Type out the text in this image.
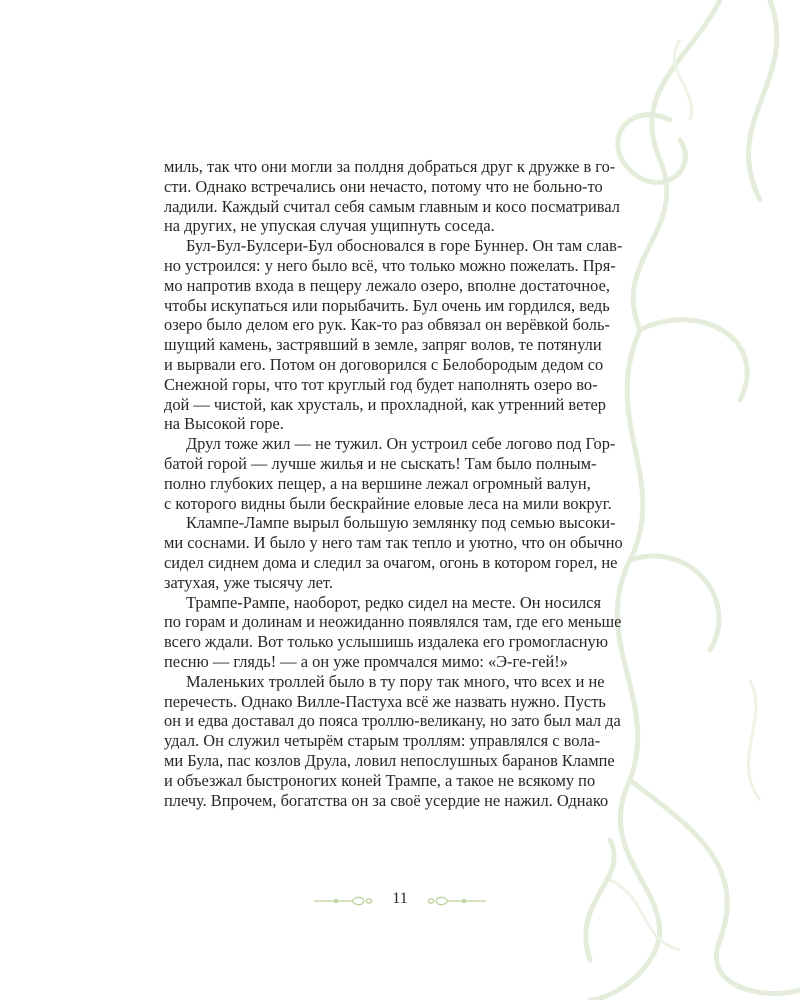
миль, так что они могли за полдня добраться друг к дружке в го-
сти. Однако встречались они нечасто, потому что не больно-то
ладили. Каждый считал себя самым главным и косо посматривал
на других, не упуская случая ущипнуть соседа.

Бул-Бул-Булсери-Бул обосновался в горе Буннер. Он там слав-
но устроился: у него было всё, что только можно пожелать. Пря-
мо напротив входа в пещеру лежало озеро, вполне достаточное,
чтобы искупаться или порыбачить. Бул очень им гордился, ведь
озеро было делом его рук. Как-то раз обвязал он верёвкой боль-
шущий камень, застрявший в земле, запряг волов, те потянули
и вырвали его. Потом он договорился с Белобородым дедом со
Снежной горы, что тот круглый год будет наполнять озеро во-
дой — чистой, как хрусталь, и прохладной, как утренний ветер
на Высокой горе.

Друл тоже жил — не тужил. Он устроил себе логово под Гор-
батой горой — лучше жилья и не сыскать! Там было полным-
полно глубоких пещер, а на вершине лежал огромный валун,
с которого видны были бескрайние еловые леса на мили вокруг.

Клампе-Лампе вырыл большую землянку под семью высоки-
ми соснами. И было у него там так тепло и уютно, что он обычно
сидел сиднем дома и следил за очагом, огонь в котором горел, не
затухая, уже тысячу лет.

Трампе-Рампе, наоборот, редко сидел на месте. Он носился
по горам и долинам и неожиданно появлялся там, где его меньше
всего ждали. Вот только услышишь издалека его громогласную
песню — глядь! — а он уже промчался мимо: «Э-ге-гей!»

Маленьких троллей было в ту пору так много, что всех и не
перечесть. Однако Вилле-Пастуха всё же назвать нужно. Пусть
он и едва доставал до пояса троллю-великану, но зато был мал да
удал. Он служил четырём старым троллям: управлялся с вола-
ми Була, пас козлов Друла, ловил непослушных баранов Клампе
и объезжал быстроногих коней Трампе, а такое не всякому по
плечу. Впрочем, богатства он за своё усердие не нажил. Однако

11
